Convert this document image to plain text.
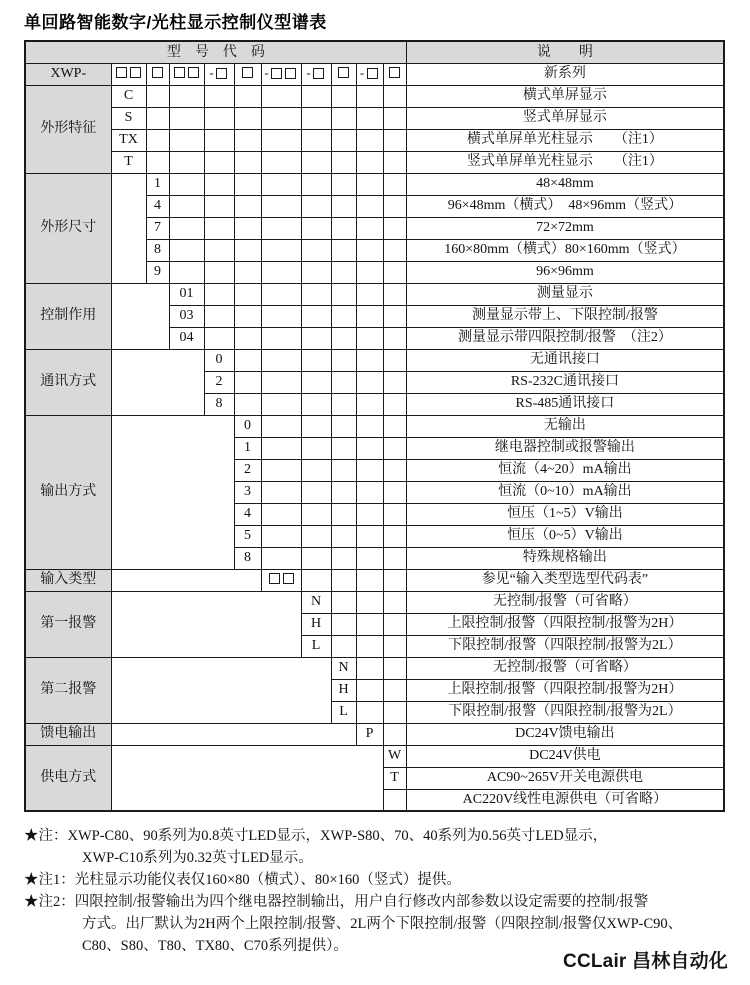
单回路智能数字/光柱显示控制仪型谱表
型　号　代　码											说　　明
XWP-				-		-	-		-		新系列
外形特征	C										横式单屏显示
	S										竖式单屏显示
	TX										横式单屏单光柱显示　　（注1）
	T										竖式单屏单光柱显示　　（注1）
外形尺寸		1									48×48mm
		4									96×48mm（横式）　48×96mm（竖式）
		7									72×72mm
		8									160×80mm（横式）80×160mm（竖式）
		9									96×96mm
控制作用			01								测量显示
			03								测量显示带上、下限控制/报警
			04								测量显示带四限控制/报警　（注2）
通讯方式				0							无通讯接口
				2							RS-232C通讯接口
				8							RS-485通讯接口
输出方式					0						无输出
					1						继电器控制或报警输出
					2						恒流（4~20）mA输出
					3						恒流（0~10）mA输出
					4						恒压（1~5）V输出
					5						恒压（0~5）V输出
					8						特殊规格输出
输入类型											参见“输入类型选型代码表”
第一报警							N				无控制/报警（可省略）
							H				上限控制/报警（四限控制/报警为2H）
							L				下限控制/报警（四限控制/报警为2L）
第二报警								N			无控制/报警（可省略）
								H			上限控制/报警（四限控制/报警为2H）
								L			下限控制/报警（四限控制/报警为2L）
馈电输出									P		DC24V馈电输出
供电方式										W	DC24V供电
										T	AC90~265V开关电源供电
											AC220V线性电源供电（可省略）
★注：XWP-C80、90系列为0.8英寸LED显示，XWP-S80、70、40系列为0.56英寸LED显示，
XWP-C10系列为0.32英寸LED显示。
★注1：光柱显示功能仪表仅160×80（横式）、80×160（竖式）提供。
★注2：四限控制/报警输出为四个继电器控制输出，用户自行修改内部参数以设定需要的控制/报警
方式。出厂默认为2H两个上限控制/报警、2L两个下限控制/报警（四限控制/报警仅XWP-C90、
C80、S80、T80、TX80、C70系列提供）。
CCLair 昌林自动化
